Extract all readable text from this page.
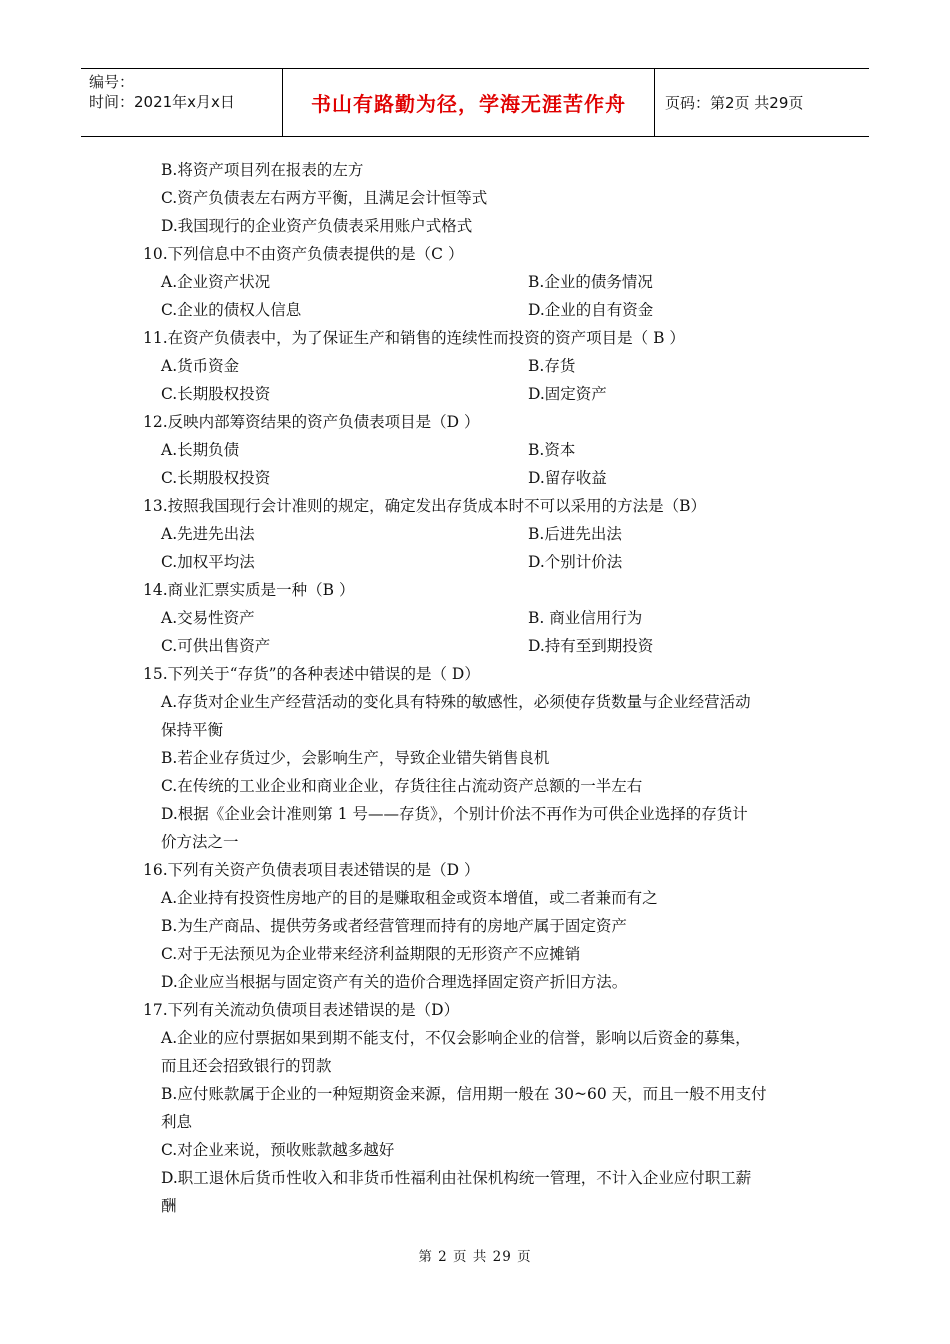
编号：
时间：2021年x月x日	书山有路勤为径，学海无涯苦作舟	页码：第2页 共29页
B.将资产项目列在报表的左方
C.资产负债表左右两方平衡，且满足会计恒等式
D.我国现行的企业资产负债表采用账户式格式
10.下列信息中不由资产负债表提供的是（C ）
A.企业资产状况	B.企业的债务情况
C.企业的债权人信息	D.企业的自有资金
11.在资产负债表中，为了保证生产和销售的连续性而投资的资产项目是（ B ）
A.货币资金	B.存货
C.长期股权投资	D.固定资产
12.反映内部筹资结果的资产负债表项目是（D ）
A.长期负债	B.资本
C.长期股权投资	D.留存收益
13.按照我国现行会计准则的规定，确定发出存货成本时不可以采用的方法是（B）
A.先进先出法	B.后进先出法
C.加权平均法	D.个别计价法
14.商业汇票实质是一种（B ）
A.交易性资产	B. 商业信用行为
C.可供出售资产	D.持有至到期投资
15.下列关于“存货”的各种表述中错误的是（ D）
A.存货对企业生产经营活动的变化具有特殊的敏感性，必须使存货数量与企业经营活动
保持平衡
B.若企业存货过少，会影响生产，导致企业错失销售良机
C.在传统的工业企业和商业企业，存货往往占流动资产总额的一半左右
D.根据《企业会计准则第 1 号——存货》，个别计价法不再作为可供企业选择的存货计
价方法之一
16.下列有关资产负债表项目表述错误的是（D ）
A.企业持有投资性房地产的目的是赚取租金或资本增值，或二者兼而有之
B.为生产商品、提供劳务或者经营管理而持有的房地产属于固定资产
C.对于无法预见为企业带来经济利益期限的无形资产不应摊销
D.企业应当根据与固定资产有关的造价合理选择固定资产折旧方法。
17.下列有关流动负债项目表述错误的是（D）
A.企业的应付票据如果到期不能支付，不仅会影响企业的信誉，影响以后资金的募集，
而且还会招致银行的罚款
B.应付账款属于企业的一种短期资金来源，信用期一般在 30~60 天，而且一般不用支付
利息
C.对企业来说，预收账款越多越好
D.职工退休后货币性收入和非货币性福利由社保机构统一管理，不计入企业应付职工薪
酬
第 2 页 共 29 页
